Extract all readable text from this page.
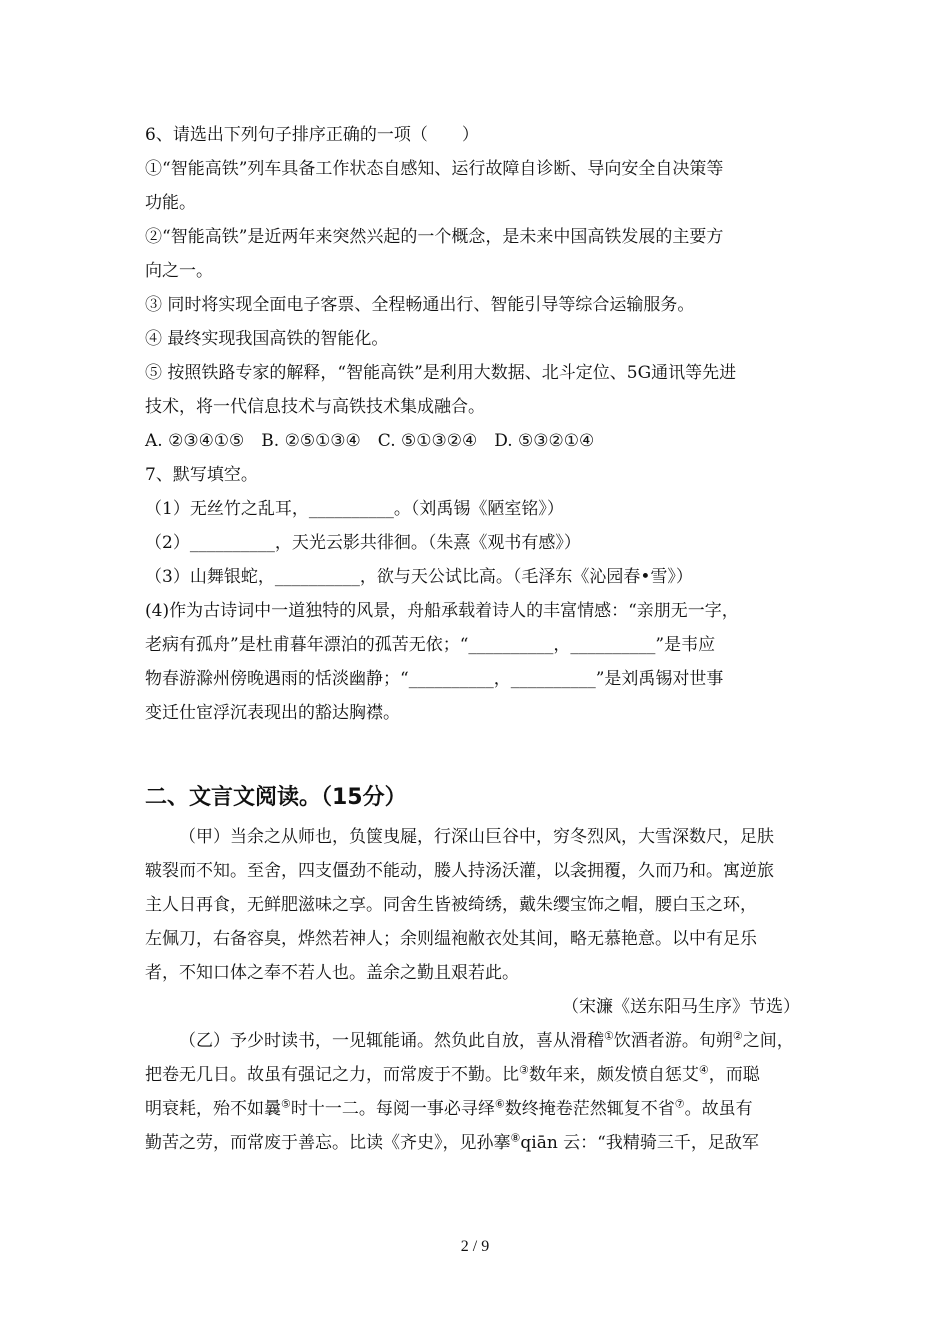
6、请选出下列句子排序正确的一项（　　）

①“智能高铁”列车具备工作状态自感知、运行故障自诊断、导向安全自决策等

功能。

②“智能高铁”是近两年来突然兴起的一个概念，是未来中国高铁发展的主要方

向之一。

③ 同时将实现全面电子客票、全程畅通出行、智能引导等综合运输服务。

④ 最终实现我国高铁的智能化。

⑤ 按照铁路专家的解释，“智能高铁”是利用大数据、北斗定位、5G通讯等先进

技术，将一代信息技术与高铁技术集成融合。

A. ②③④①⑤　B. ②⑤①③④　C. ⑤①③②④　D. ⑤③②①④

7、默写填空。

（1）无丝竹之乱耳，__________。（刘禹锡《陋室铭》）

（2）__________，天光云影共徘徊。（朱熹《观书有感》）

（3）山舞银蛇，__________，欲与天公试比高。（毛泽东《沁园春•雪》）

(4)作为古诗词中一道独特的风景，舟船承载着诗人的丰富情感：“亲朋无一字，

老病有孤舟”是杜甫暮年漂泊的孤苦无依；“__________，__________”是韦应

物春游滁州傍晚遇雨的恬淡幽静；“__________，__________”是刘禹锡对世事

变迁仕宦浮沉表现出的豁达胸襟。

二、文言文阅读。（15分）

（甲）当余之从师也，负箧曳屣，行深山巨谷中，穷冬烈风，大雪深数尺，足肤

皲裂而不知。至舍，四支僵劲不能动，媵人持汤沃灌，以衾拥覆，久而乃和。寓逆旅

主人日再食，无鲜肥滋味之享。同舍生皆被绮绣，戴朱缨宝饰之帽，腰白玉之环，

左佩刀，右备容臭，烨然若神人；余则缊袍敝衣处其间，略无慕艳意。以中有足乐

者，不知口体之奉不若人也。盖余之勤且艰若此。

（宋濂《送东阳马生序》节选）

（乙）予少时读书，一见辄能诵。然负此自放，喜从滑稽①饮酒者游。旬朔②之间，

把卷无几日。故虽有强记之力，而常废于不勤。比③数年来，颇发愤自惩艾④，而聪

明衰耗，殆不如曩⑤时十一二。每阅一事必寻绎⑥数终掩卷茫然辄复不省⑦。故虽有

勤苦之劳，而常废于善忘。比读《齐史》，见孙搴⑧qiān 云：“我精骑三千，足敌军

2 / 9
